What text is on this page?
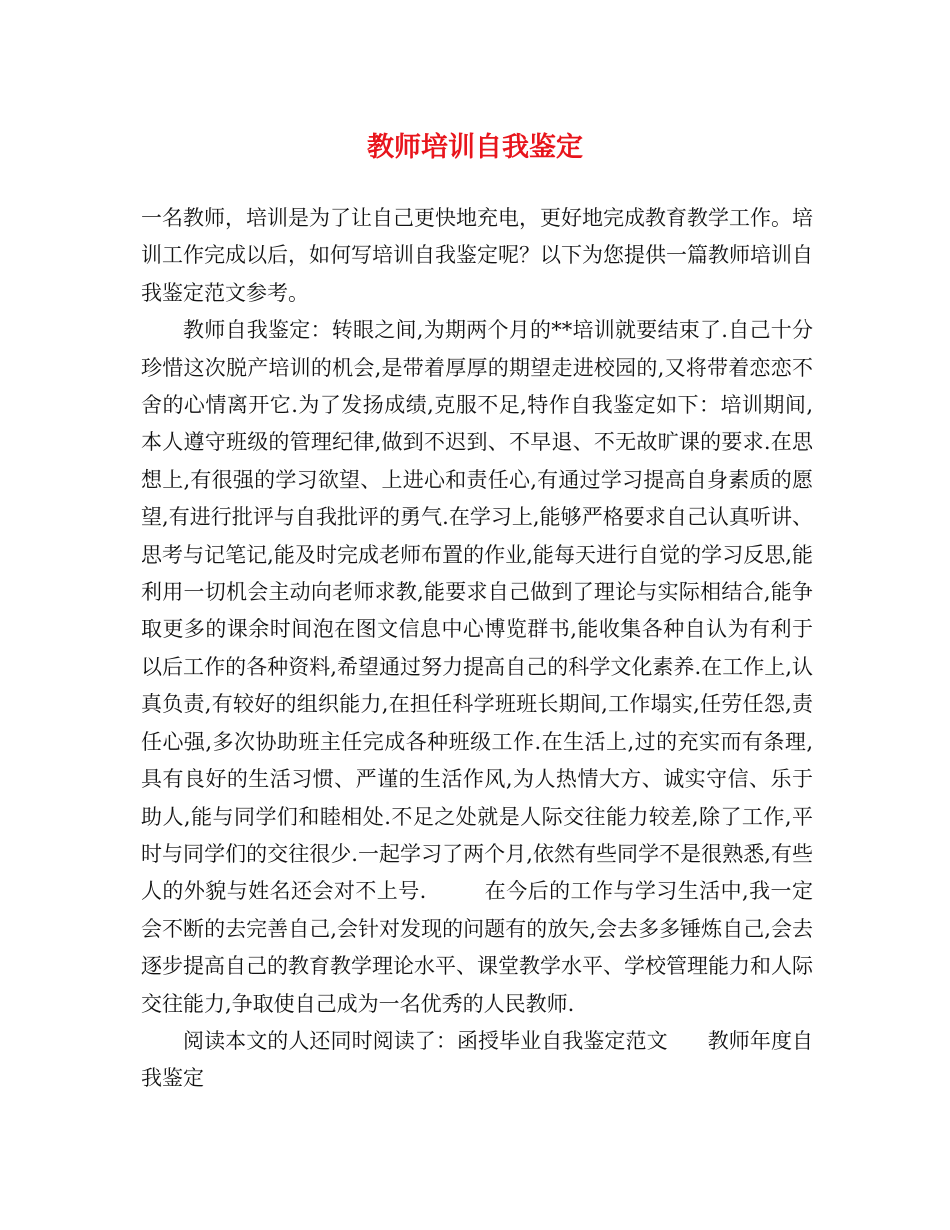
教师培训自我鉴定

一名教师，培训是为了让自己更快地充电，更好地完成教育教学工作。培训工作完成以后，如何写培训自我鉴定呢？以下为您提供一篇教师培训自我鉴定范文参考。

教师自我鉴定：转眼之间,为期两个月的**培训就要结束了.自己十分珍惜这次脱产培训的机会,是带着厚厚的期望走进校园的,又将带着恋恋不舍的心情离开它.为了发扬成绩,克服不足,特作自我鉴定如下：培训期间,本人遵守班级的管理纪律,做到不迟到、不早退、不无故旷课的要求.在思想上,有很强的学习欲望、上进心和责任心,有通过学习提高自身素质的愿望,有进行批评与自我批评的勇气.在学习上,能够严格要求自己认真听讲、思考与记笔记,能及时完成老师布置的作业,能每天进行自觉的学习反思,能利用一切机会主动向老师求教,能要求自己做到了理论与实际相结合,能争取更多的课余时间泡在图文信息中心博览群书,能收集各种自认为有利于以后工作的各种资料,希望通过努力提高自己的科学文化素养.在工作上,认真负责,有较好的组织能力,在担任科学班班长期间,工作塌实,任劳任怨,责任心强,多次协助班主任完成各种班级工作.在生活上,过的充实而有条理,具有良好的生活习惯、严谨的生活作风,为人热情大方、诚实守信、乐于助人,能与同学们和睦相处.不足之处就是人际交往能力较差,除了工作,平时与同学们的交往很少.一起学习了两个月,依然有些同学不是很熟悉,有些人的外貌与姓名还会对不上号.	在今后的工作与学习生活中,我一定会不断的去完善自己,会针对发现的问题有的放矢,会去多多锤炼自己,会去逐步提高自己的教育教学理论水平、课堂教学水平、学校管理能力和人际交往能力,争取使自己成为一名优秀的人民教师.

阅读本文的人还同时阅读了：函授毕业自我鉴定范文 教师年度自我鉴定
